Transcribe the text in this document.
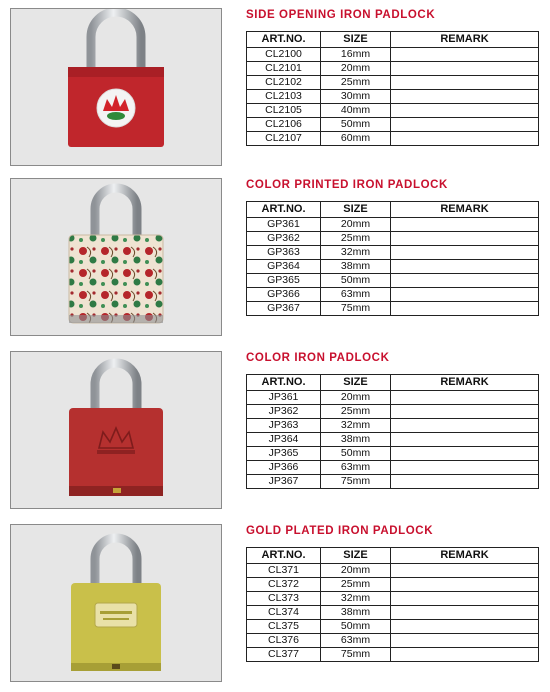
SIDE OPENING IRON PADLOCK
ART.NO.	SIZE	REMARK
CL2100	16mm	
CL2101	20mm	
CL2102	25mm	
CL2103	30mm	
CL2105	40mm	
CL2106	50mm	
CL2107	60mm	
COLOR PRINTED IRON PADLOCK
ART.NO.	SIZE	REMARK
GP361	20mm	
GP362	25mm	
GP363	32mm	
GP364	38mm	
GP365	50mm	
GP366	63mm	
GP367	75mm	
COLOR IRON PADLOCK
ART.NO.	SIZE	REMARK
JP361	20mm	
JP362	25mm	
JP363	32mm	
JP364	38mm	
JP365	50mm	
JP366	63mm	
JP367	75mm	
GOLD PLATED IRON PADLOCK
ART.NO.	SIZE	REMARK
CL371	20mm	
CL372	25mm	
CL373	32mm	
CL374	38mm	
CL375	50mm	
CL376	63mm	
CL377	75mm	
